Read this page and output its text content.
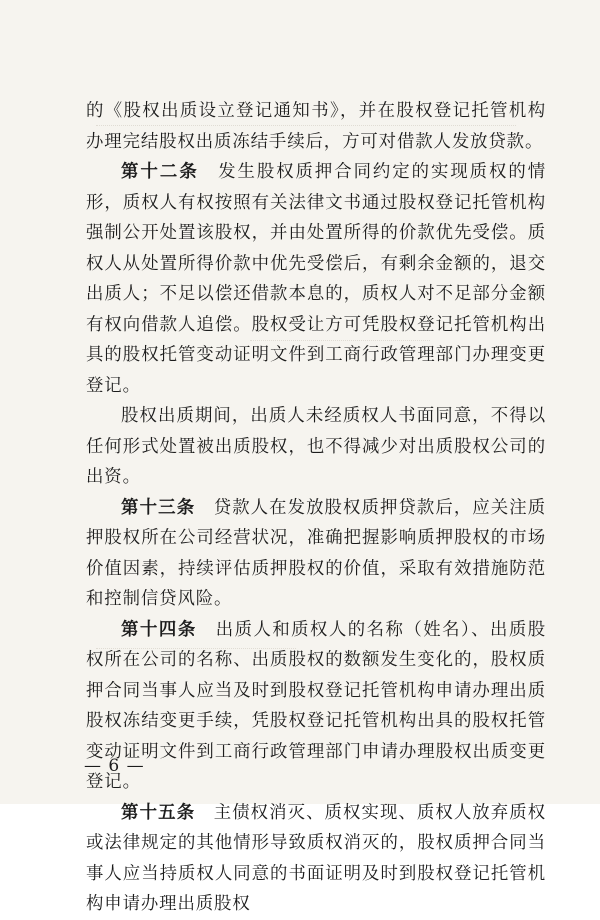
的《股权出质设立登记通知书》，并在股权登记托管机构办理完结股权出质冻结手续后，方可对借款人发放贷款。

第十二条　 发生股权质押合同约定的实现质权的情形，质权人有权按照有关法律文书通过股权登记托管机构强制公开处置该股权，并由处置所得的价款优先受偿。质权人从处置所得价款中优先受偿后，有剩余金额的，退交出质人；不足以偿还借款本息的，质权人对不足部分金额有权向借款人追偿。股权受让方可凭股权登记托管机构出具的股权托管变动证明文件到工商行政管理部门办理变更登记。

股权出质期间，出质人未经质权人书面同意，不得以任何形式处置被出质股权，也不得减少对出质股权公司的出资。

第十三条　 贷款人在发放股权质押贷款后，应关注质押股权所在公司经营状况，准确把握影响质押股权的市场价值因素，持续评估质押股权的价值，采取有效措施防范和控制信贷风险。

第十四条　 出质人和质权人的名称（姓名）、出质股权所在公司的名称、出质股权的数额发生变化的，股权质押合同当事人应当及时到股权登记托管机构申请办理出质股权冻结变更手续，凭股权登记托管机构出具的股权托管变动证明文件到工商行政管理部门申请办理股权出质变更登记。

第十五条　 主债权消灭、质权实现、质权人放弃质权或法律规定的其他情形导致质权消灭的，股权质押合同当事人应当持质权人同意的书面证明及时到股权登记托管机构申请办理出质股权

— 6 —
